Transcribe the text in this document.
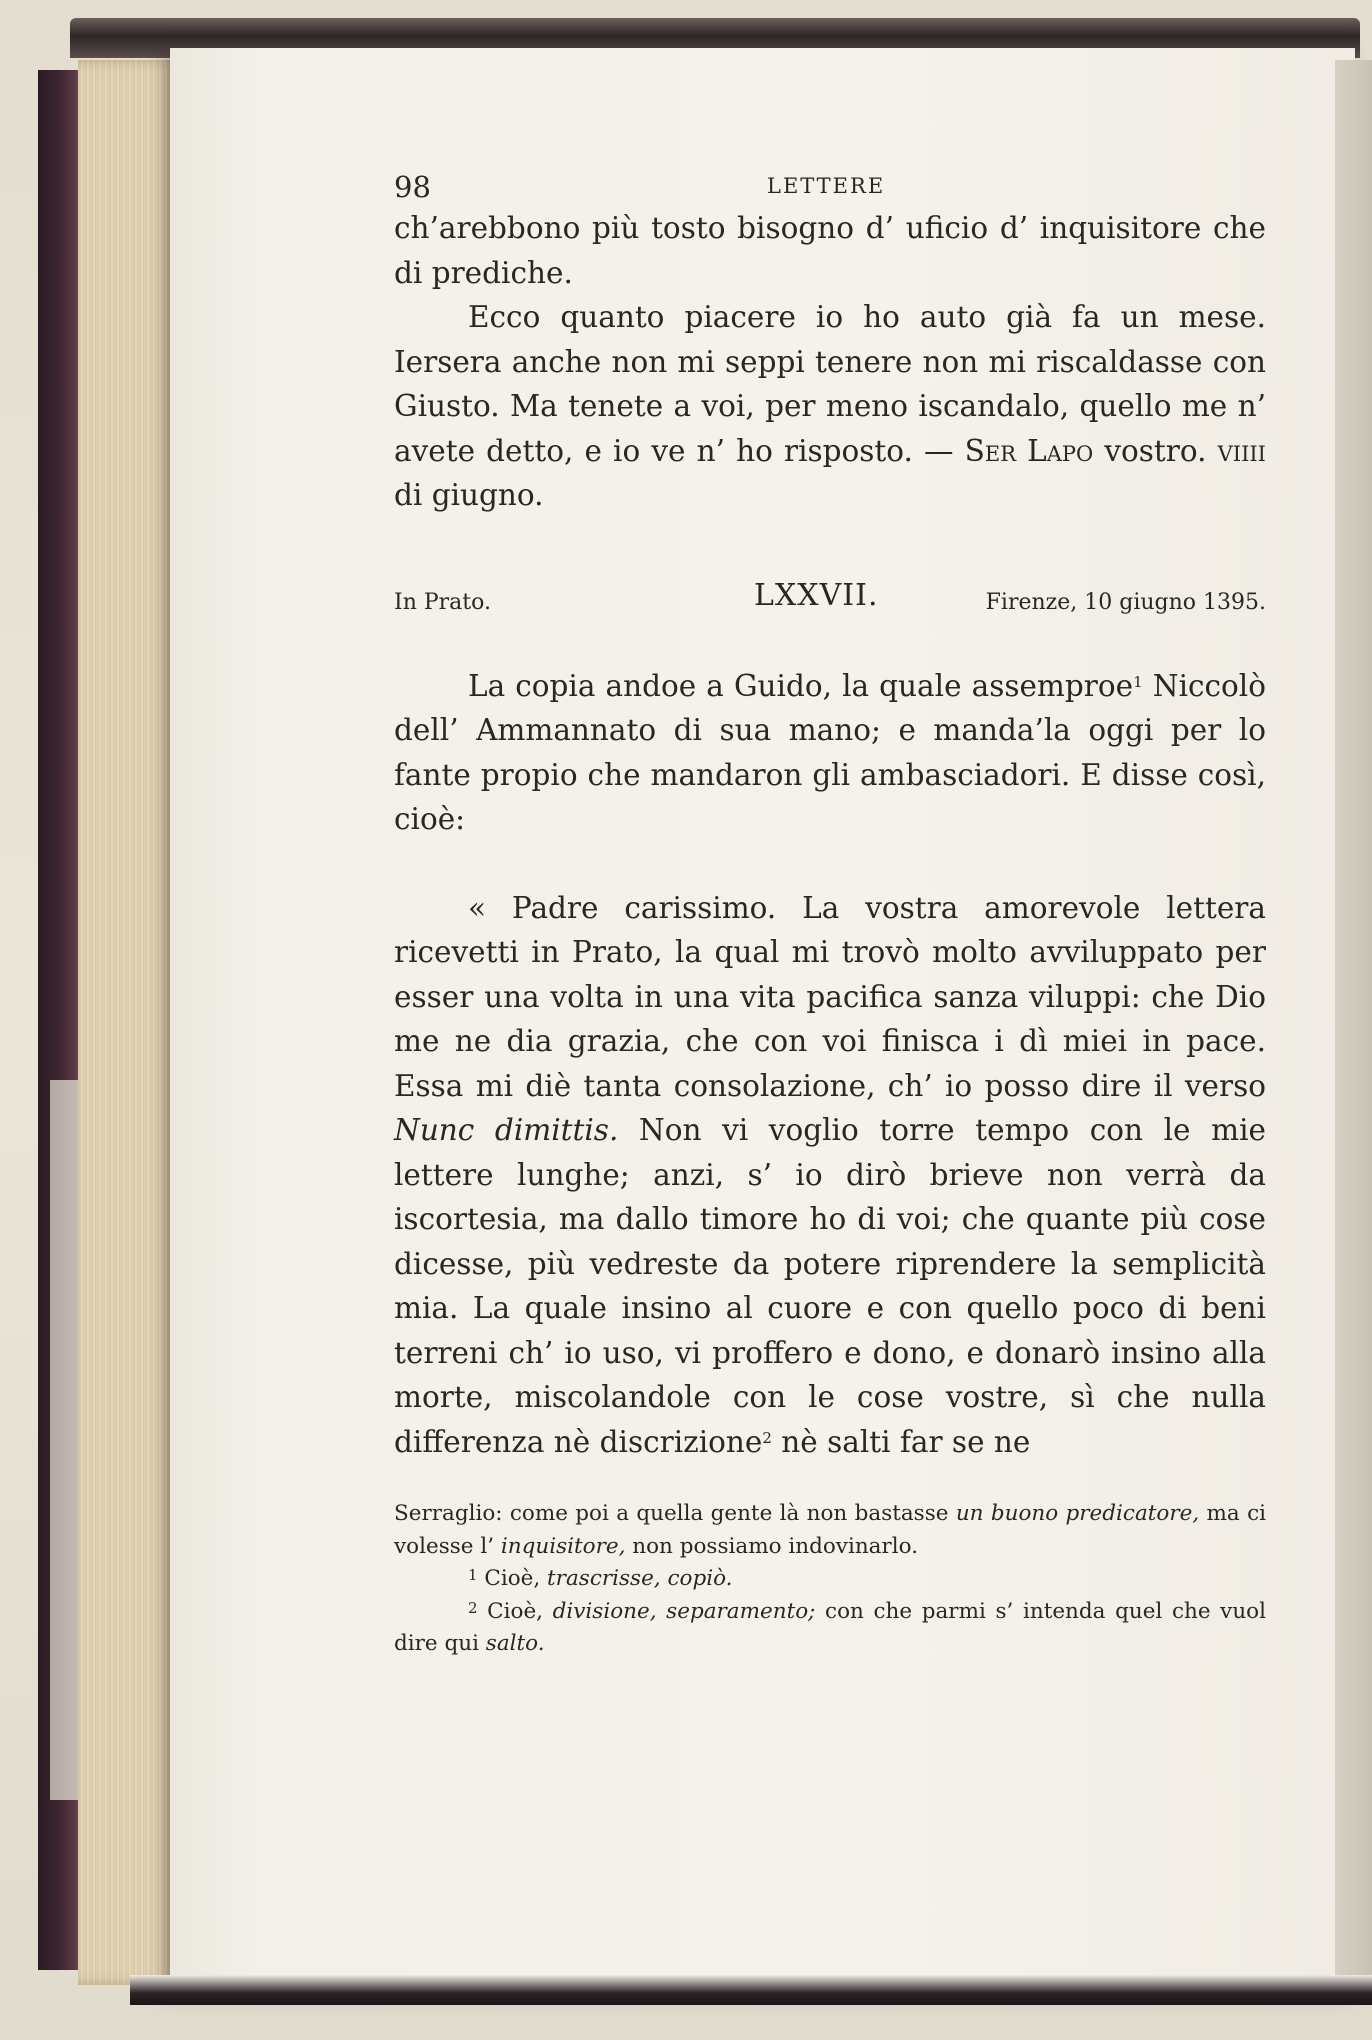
98	LETTERE

ch’arebbono più tosto bisogno d’ uficio d’ inquisitore che di prediche.

Ecco quanto piacere io ho auto già fa un mese. Iersera anche non mi seppi tenere non mi riscaldasse con Giusto. Ma tenete a voi, per meno iscandalo, quello me n’ avete detto, e io ve n’ ho risposto. — Ser Lapo vostro. viiii di giugno.

In Prato.	LXXVII.	Firenze, 10 giugno 1395.

La copia andoe a Guido, la quale assemproe$^1$ Niccolò dell’ Ammannato di sua mano; e manda’la oggi per lo fante propio che mandaron gli ambasciadori. E disse così, cioè:

« Padre carissimo. La vostra amorevole lettera ricevetti in Prato, la qual mi trovò molto avviluppato per esser una volta in una vita pacifica sanza viluppi: che Dio me ne dia grazia, che con voi finisca i dì miei in pace. Essa mi diè tanta consolazione, ch’ io posso dire il verso Nunc dimittis. Non vi voglio torre tempo con le mie lettere lunghe; anzi, s’ io dirò brieve non verrà da iscortesia, ma dallo timore ho di voi; che quante più cose dicesse, più vedreste da potere riprendere la semplicità mia. La quale insino al cuore e con quello poco di beni terreni ch’ io uso, vi proffero e dono, e donarò insino alla morte, miscolandole con le cose vostre, sì che nulla differenza nè discrizione$^2$ nè salti far se ne

Serraglio: come poi a quella gente là non bastasse un buono predicatore, ma ci volesse l’ inquisitore, non possiamo indovinarlo.

$^1$ Cioè, trascrisse, copiò.

$^2$ Cioè, divisione, separamento; con che parmi s’ intenda quel che vuol dire qui salto.
